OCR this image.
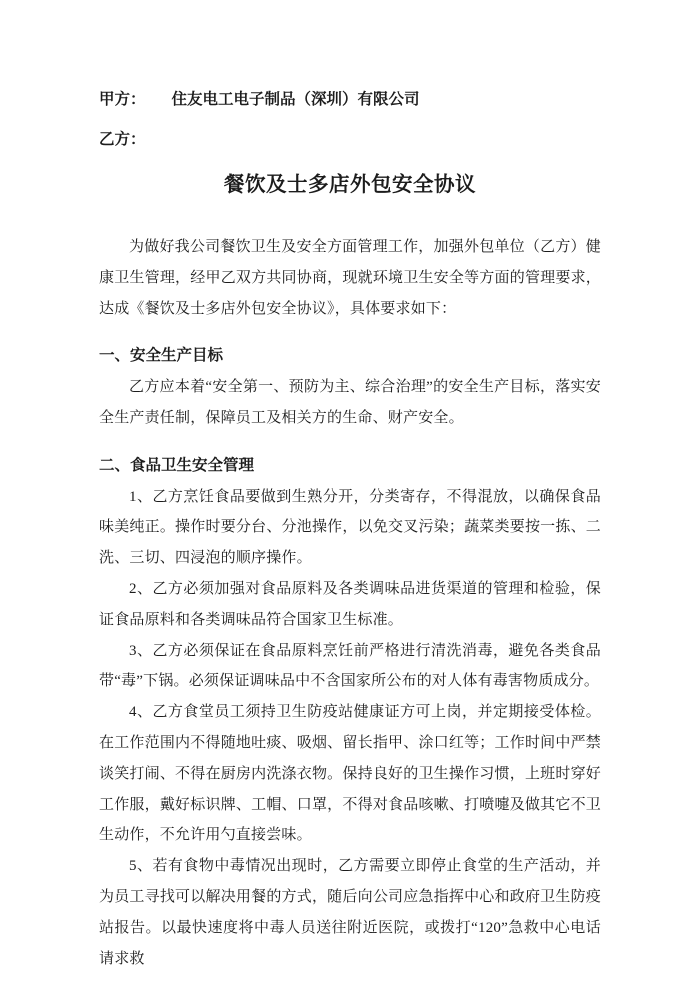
甲方： 住友电工电子制品（深圳）有限公司

乙方：

餐饮及士多店外包安全协议

为做好我公司餐饮卫生及安全方面管理工作，加强外包单位（乙方）健康卫生管理，经甲乙双方共同协商，现就环境卫生安全等方面的管理要求，达成《餐饮及士多店外包安全协议》，具体要求如下：

一、安全生产目标

乙方应本着“安全第一、预防为主、综合治理”的安全生产目标，落实安全生产责任制，保障员工及相关方的生命、财产安全。

二、食品卫生安全管理

1、乙方烹饪食品要做到生熟分开，分类寄存，不得混放，以确保食品味美纯正。操作时要分台、分池操作，以免交叉污染；蔬菜类要按一拣、二洗、三切、四浸泡的顺序操作。

2、乙方必须加强对食品原料及各类调味品进货渠道的管理和检验，保证食品原料和各类调味品符合国家卫生标准。

3、乙方必须保证在食品原料烹饪前严格进行清洗消毒，避免各类食品带“毒”下锅。必须保证调味品中不含国家所公布的对人体有毒害物质成分。

4、乙方食堂员工须持卫生防疫站健康证方可上岗，并定期接受体检。在工作范围内不得随地吐痰、吸烟、留长指甲、涂口红等；工作时间中严禁谈笑打闹、不得在厨房内洗涤衣物。保持良好的卫生操作习惯，上班时穿好工作服，戴好标识牌、工帽、口罩，不得对食品咳嗽、打喷嚏及做其它不卫生动作，不允许用勺直接尝味。

5、若有食物中毒情况出现时，乙方需要立即停止食堂的生产活动，并为员工寻找可以解决用餐的方式，随后向公司应急指挥中心和政府卫生防疫站报告。以最快速度将中毒人员送往附近医院，或拨打“120”急救中心电话请求救
